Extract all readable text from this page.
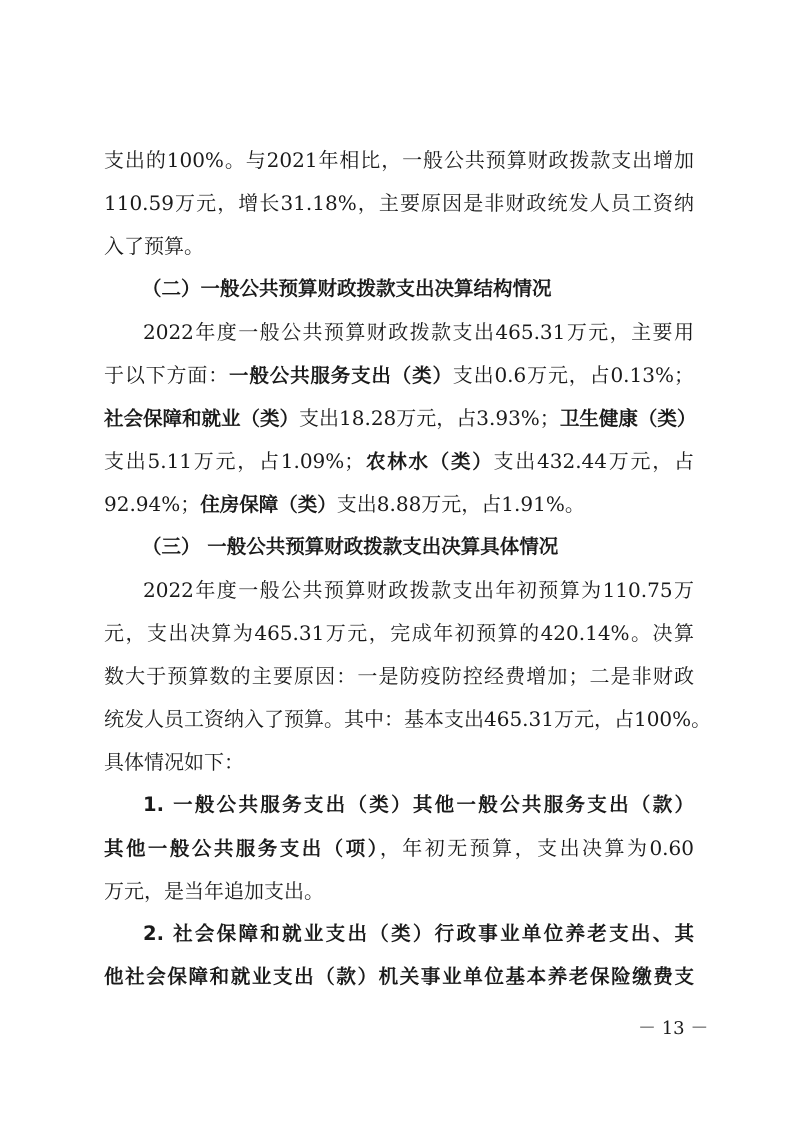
支出的100%。与2021年相比，一般公共预算财政拨款支出增加
110.59万元，增长31.18%，主要原因是非财政统发人员工资纳
入了预算。
（二）一般公共预算财政拨款支出决算结构情况
2022年度一般公共预算财政拨款支出465.31万元，主要用
于以下方面：一般公共服务支出（类）支出0.6万元，占0.13%；
社会保障和就业（类）支出18.28万元，占3.93%；卫生健康（类）
支出5.11万元，占1.09%；农林水（类）支出432.44万元，占
92.94%；住房保障（类）支出8.88万元，占1.91%。
（三） 一般公共预算财政拨款支出决算具体情况
2022年度一般公共预算财政拨款支出年初预算为110.75万
元，支出决算为465.31万元，完成年初预算的420.14%。决算
数大于预算数的主要原因：一是防疫防控经费增加；二是非财政
统发人员工资纳入了预算。其中：基本支出465.31万元，占100%。
具体情况如下：
1. 一般公共服务支出（类）其他一般公共服务支出（款）
其他一般公共服务支出（项），年初无预算，支出决算为0.60
万元，是当年追加支出。
2. 社会保障和就业支出（类）行政事业单位养老支出、其
他社会保障和就业支出（款）机关事业单位基本养老保险缴费支
－ 13 －
